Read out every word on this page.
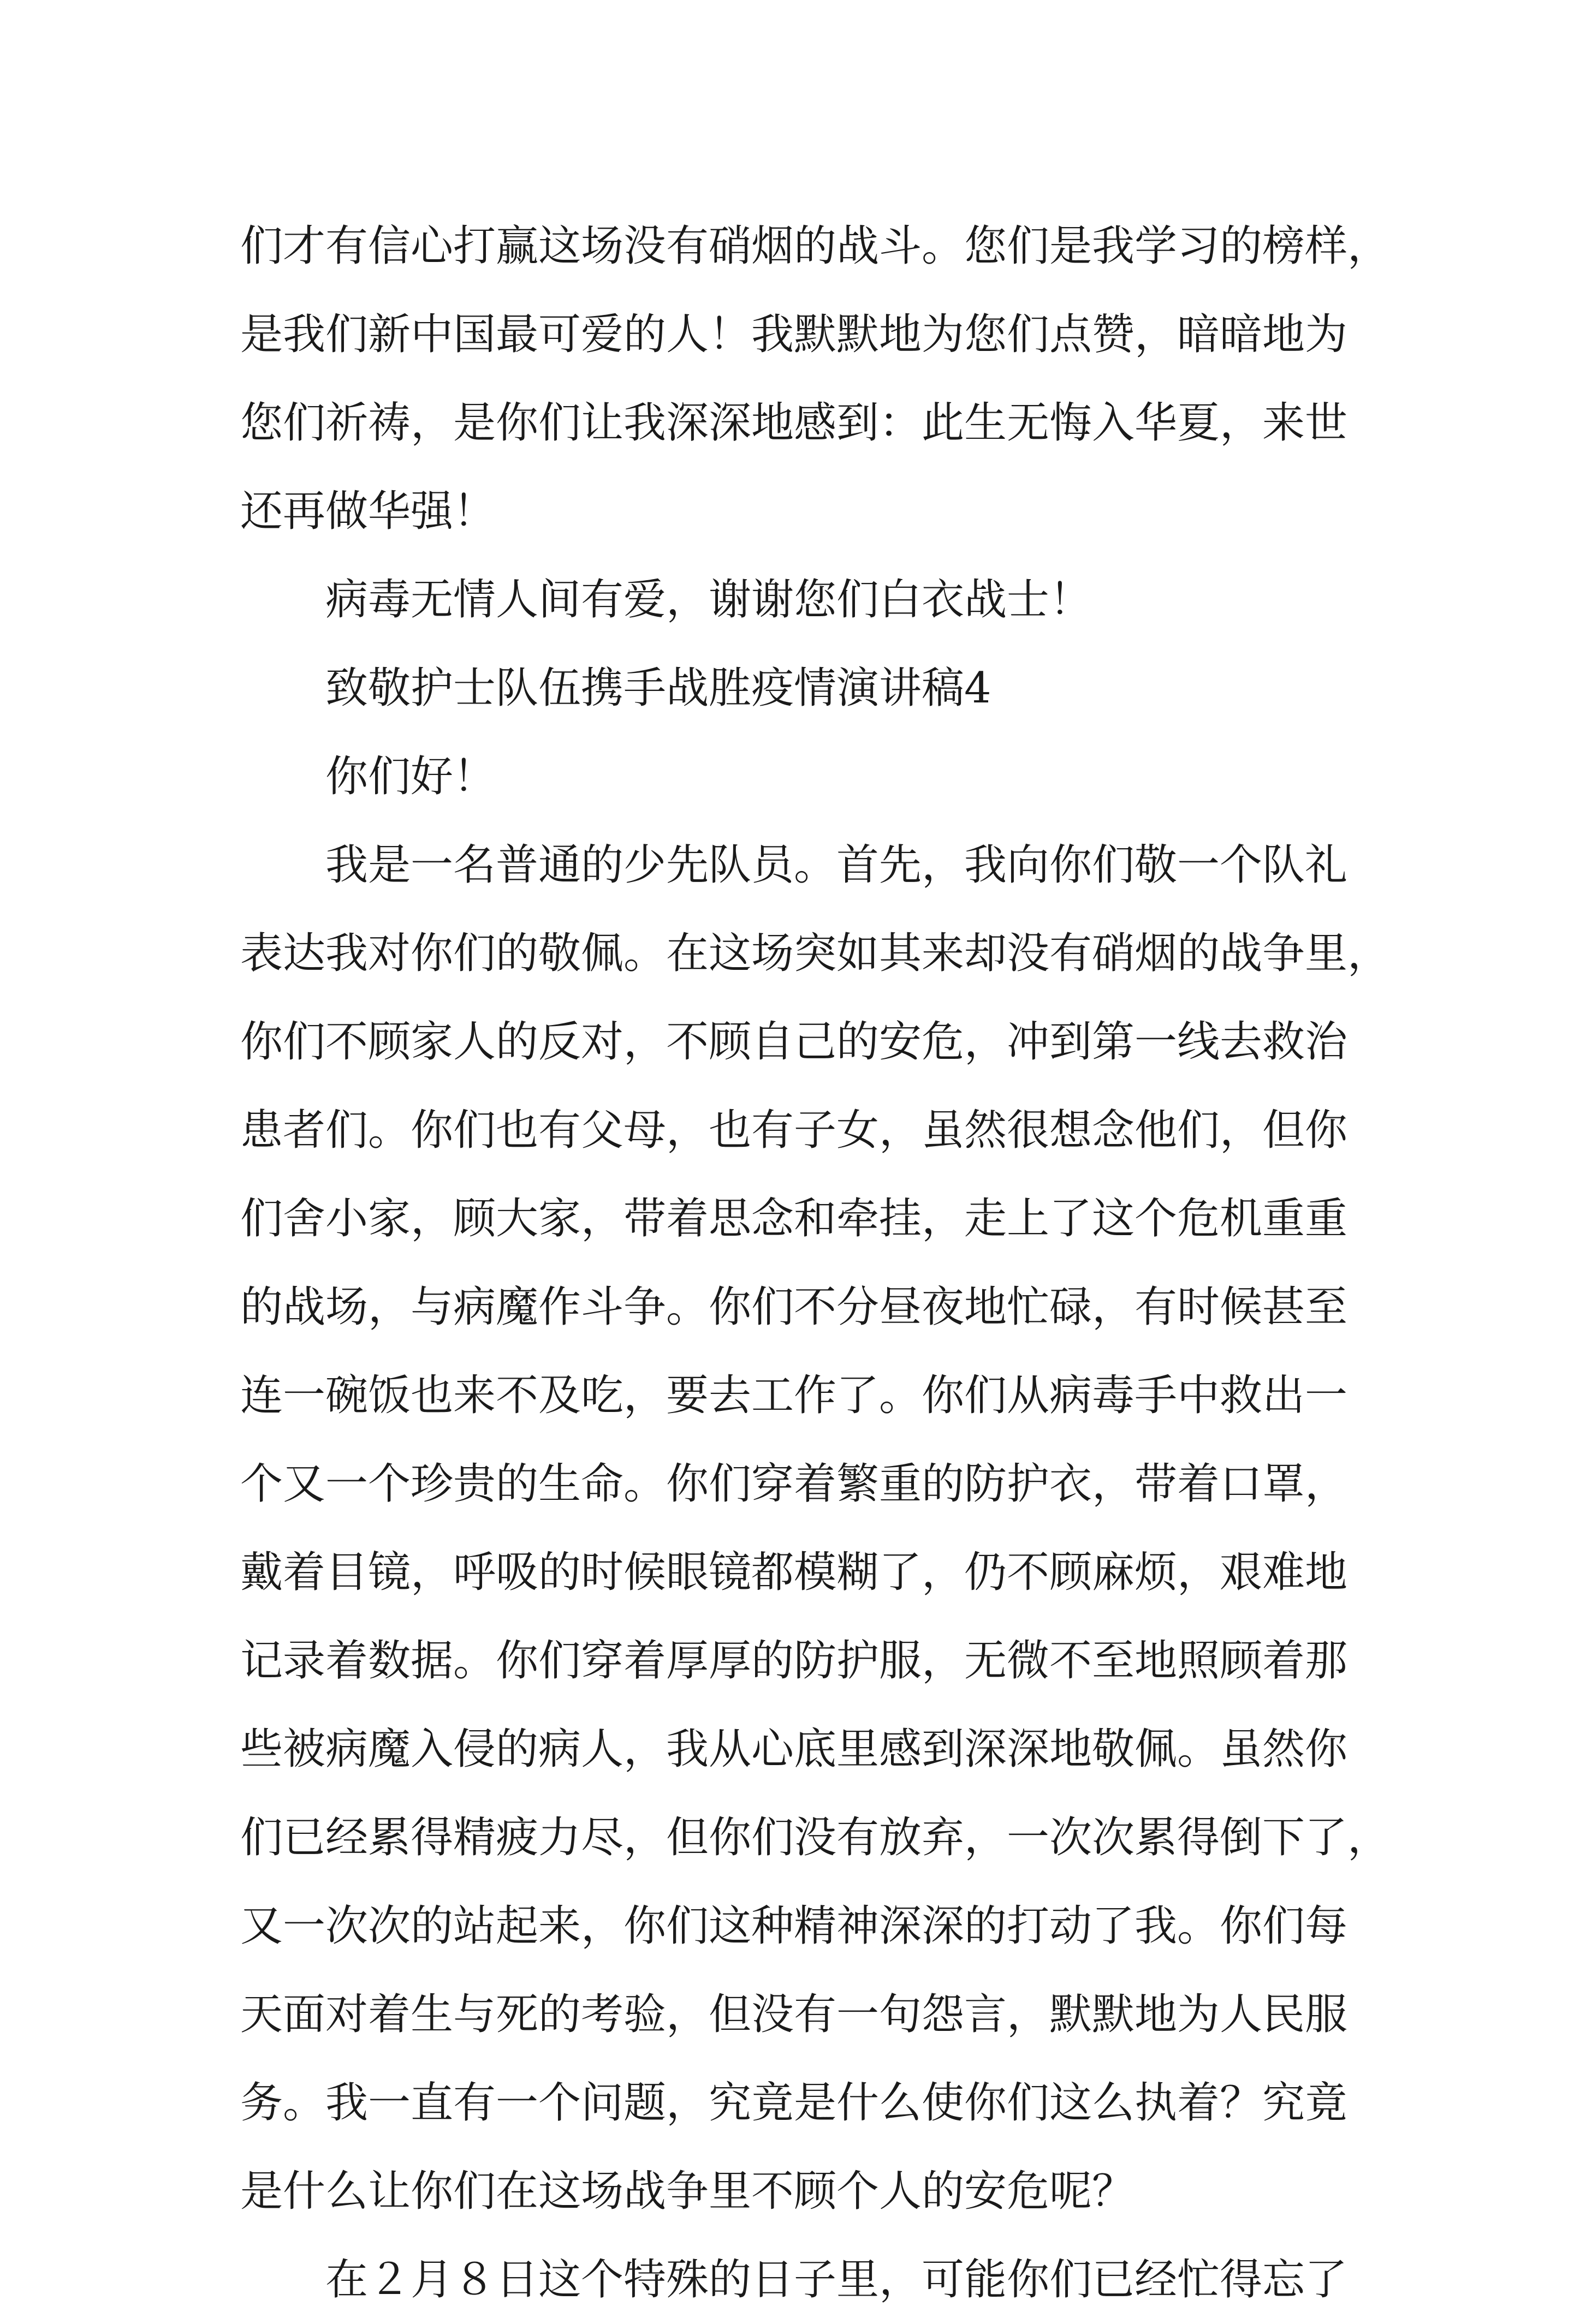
们才有信心打赢这场没有硝烟的战斗。您们是我学习的榜样，
是我们新中国最可爱的人！我默默地为您们点赞，暗暗地为
您们祈祷，是你们让我深深地感到：此生无悔入华夏，来世
还再做华强！
病毒无情人间有爱，谢谢您们白衣战士！
致敬护士队伍携手战胜疫情演讲稿4
你们好！
我是一名普通的少先队员。首先，我向你们敬一个队礼
表达我对你们的敬佩。在这场突如其来却没有硝烟的战争里，
你们不顾家人的反对，不顾自己的安危，冲到第一线去救治
患者们。你们也有父母，也有子女，虽然很想念他们，但你
们舍小家，顾大家，带着思念和牵挂，走上了这个危机重重
的战场，与病魔作斗争。你们不分昼夜地忙碌，有时候甚至
连一碗饭也来不及吃，要去工作了。你们从病毒手中救出一
个又一个珍贵的生命。你们穿着繁重的防护衣，带着口罩，
戴着目镜，呼吸的时候眼镜都模糊了，仍不顾麻烦，艰难地
记录着数据。你们穿着厚厚的防护服，无微不至地照顾着那
些被病魔入侵的病人，我从心底里感到深深地敬佩。虽然你
们已经累得精疲力尽，但你们没有放弃，一次次累得倒下了，
又一次次的站起来，你们这种精神深深的打动了我。你们每
天面对着生与死的考验，但没有一句怨言，默默地为人民服
务。我一直有一个问题，究竟是什么使你们这么执着？究竟
是什么让你们在这场战争里不顾个人的安危呢？
在２月８日这个特殊的日子里，可能你们已经忙得忘了
